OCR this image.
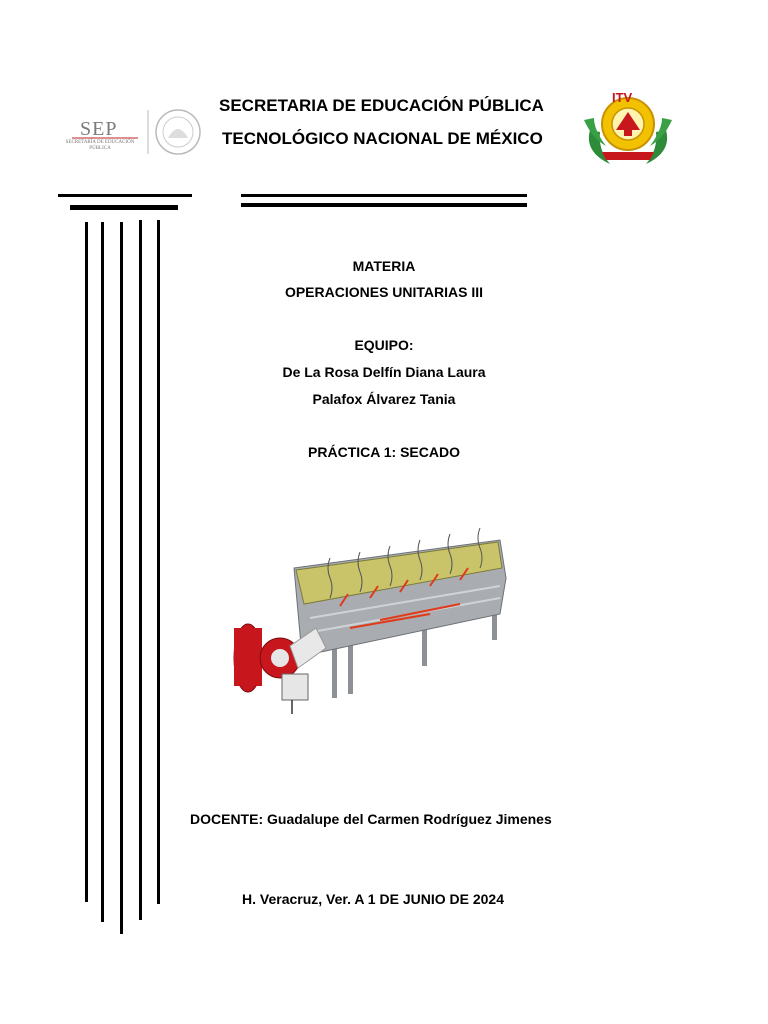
SEP
SECRETARÍA DE EDUCACIÓN PÚBLICA
SECRETARIA DE EDUCACIÓN PÚBLICA
TECNOLÓGICO NACIONAL DE MÉXICO
ITV
MATERIA
OPERACIONES UNITARIAS III
EQUIPO:
De La Rosa Delfín Diana Laura
Palafox Álvarez Tania
PRÁCTICA 1: SECADO
DOCENTE: Guadalupe del Carmen Rodríguez Jimenes
H. Veracruz, Ver. A 1 DE JUNIO DE 2024
